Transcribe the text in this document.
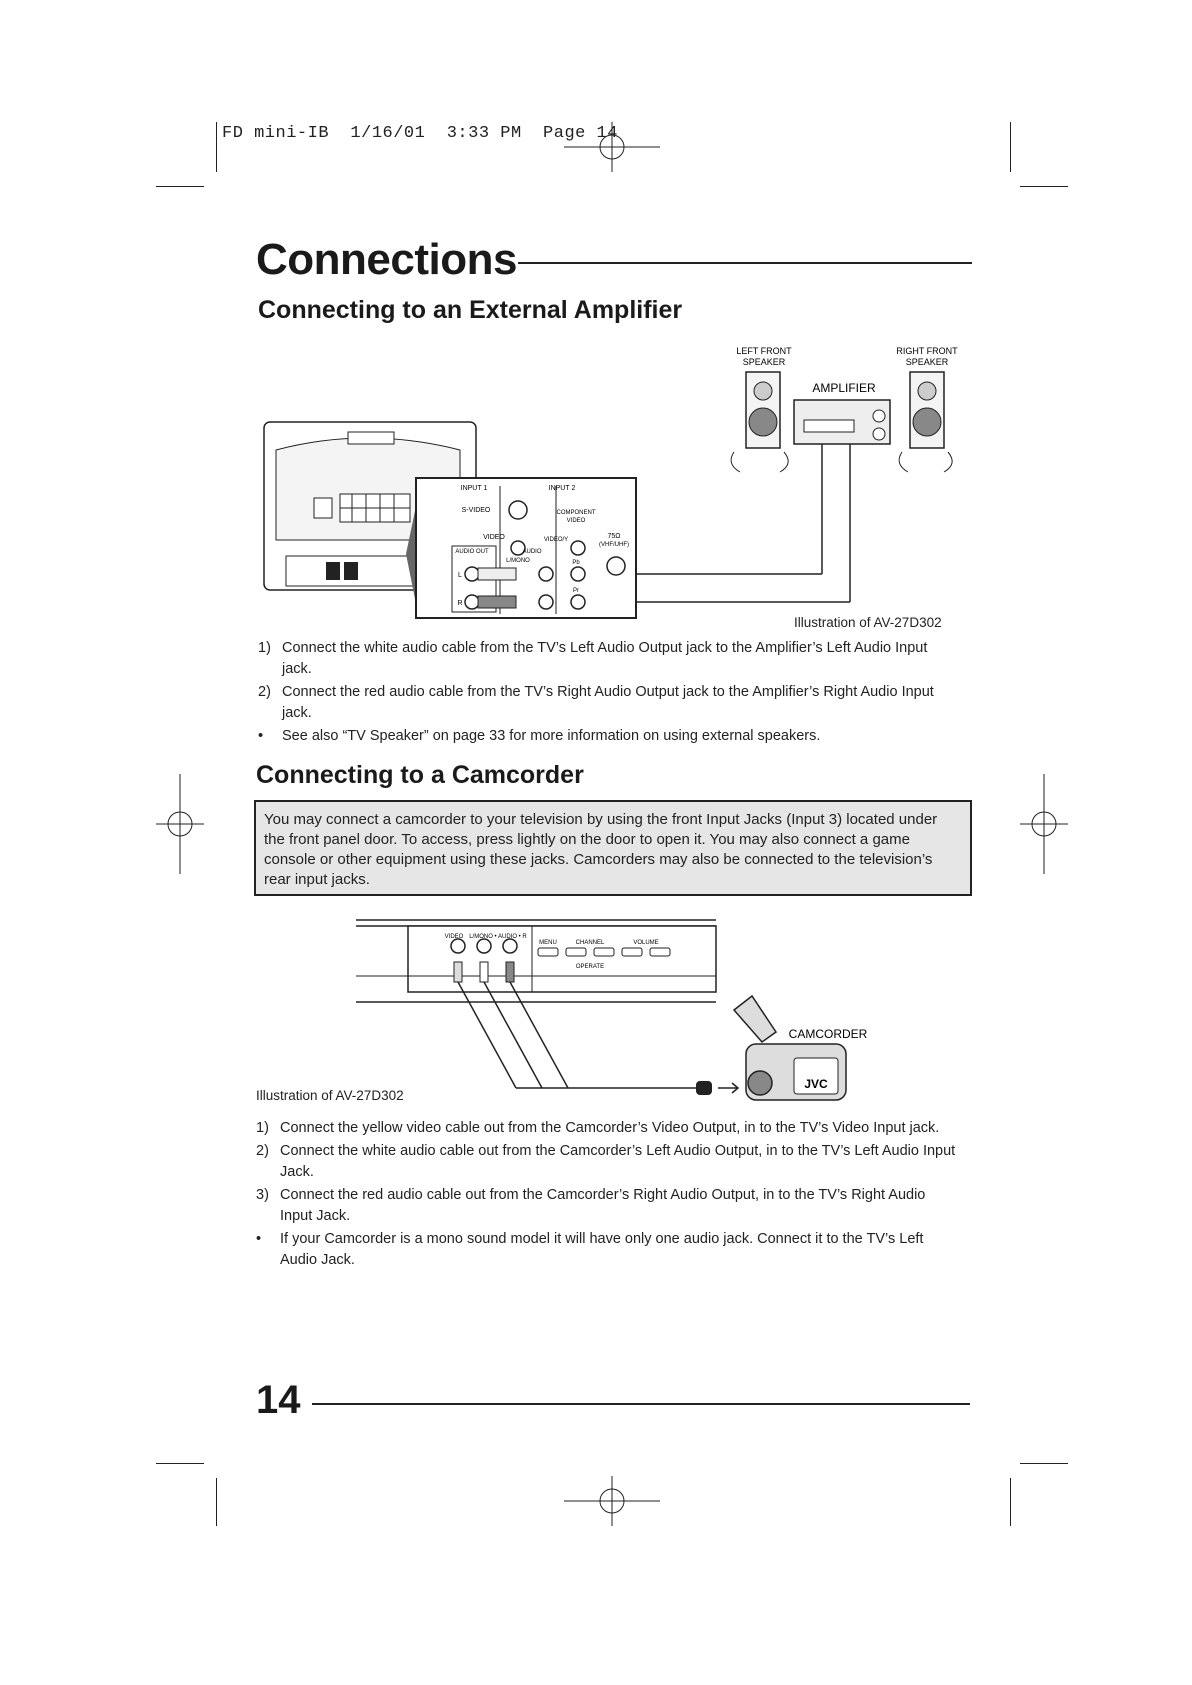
FD mini-IB  1/16/01  3:33 PM  Page 14
Connections
Connecting to an External Amplifier
LEFT FRONT
SPEAKER
RIGHT FRONT
SPEAKER
AMPLIFIER
INPUT 1	INPUT 2
S-VIDEO	COMPONENT
VIDEO
VIDEO
AUDIO OUT	AUDIO
L/MONO
VIDEO/Y
Pb
Pr
75Ω
(VHF/UHF)
L
R
Illustration of AV-27D302
1) Connect the white audio cable from the TV’s Left Audio Output jack to the Amplifier’s Left Audio Input jack.
2) Connect the red audio cable from the TV’s Right Audio Output jack to the Amplifier’s Right Audio Input jack.
• See also “TV Speaker” on page 33 for more information on using external speakers.
Connecting to a Camcorder
You may connect a camcorder to your television by using the front Input Jacks (Input 3) located under the front panel door. To access, press lightly on the door to open it. You may also connect a game console or other equipment using these jacks. Camcorders may also be connected to the television’s rear input jacks.
VIDEO L/MONO • AUDIO • R
MENU	CHANNEL	VOLUME
OPERATE
CAMCORDER
JVC
Illustration of AV-27D302
1) Connect the yellow video cable out from the Camcorder’s Video Output, in to the TV’s Video Input jack.
2) Connect the white audio cable out from the Camcorder’s Left Audio Output, in to the TV’s Left Audio Input Jack.
3) Connect the red audio cable out from the Camcorder’s Right Audio Output, in to the TV’s Right Audio Input Jack.
• If your Camcorder is a mono sound model it will have only one audio jack. Connect it to the TV’s Left Audio Jack.
14
